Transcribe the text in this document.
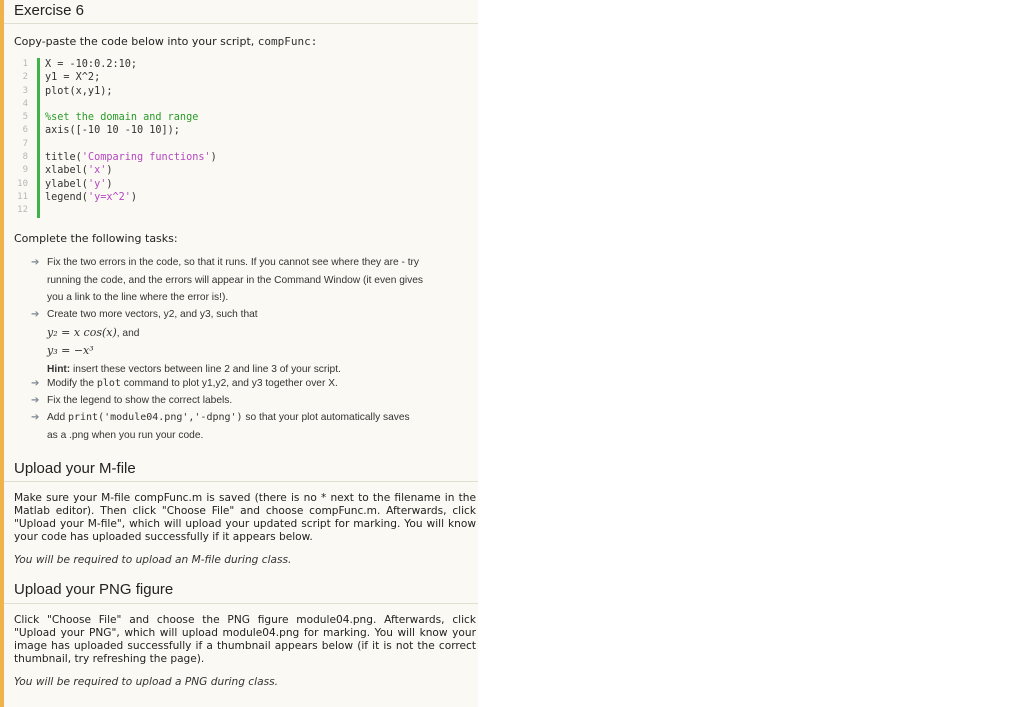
Exercise 6
Copy-paste the code below into your script, compFunc:
1 X = -10:0.2:10;
2 y1 = X^2;
3 plot(x,y1);
4
5 %set the domain and range
6 axis([-10 10 -10 10]);
7
8 title('Comparing functions')
9 xlabel('x')
10 ylabel('y')
11 legend('y=x^2')
12
Complete the following tasks:
➔ Fix the two errors in the code, so that it runs. If you cannot see where they are - try
running the code, and the errors will appear in the Command Window (it even gives
you a link to the line where the error is!).
➔ Create two more vectors, y2, and y3, such that
y₂ = x cos(x), and
y₃ = −x³
Hint: insert these vectors between line 2 and line 3 of your script.
➔ Modify the plot command to plot y1,y2, and y3 together over X.
➔ Fix the legend to show the correct labels.
➔ Add print('module04.png','-dpng') so that your plot automatically saves
as a .png when you run your code.
Upload your M-file
Make sure your M-file compFunc.m is saved (there is no * next to the filename in the Matlab editor). Then click "Choose File" and choose compFunc.m. Afterwards, click "Upload your M-file", which will upload your updated script for marking. You will know your code has uploaded successfully if it appears below.
You will be required to upload an M-file during class.
Upload your PNG figure
Click "Choose File" and choose the PNG figure module04.png. Afterwards, click "Upload your PNG", which will upload module04.png for marking. You will know your image has uploaded successfully if a thumbnail appears below (if it is not the correct thumbnail, try refreshing the page).
You will be required to upload a PNG during class.
